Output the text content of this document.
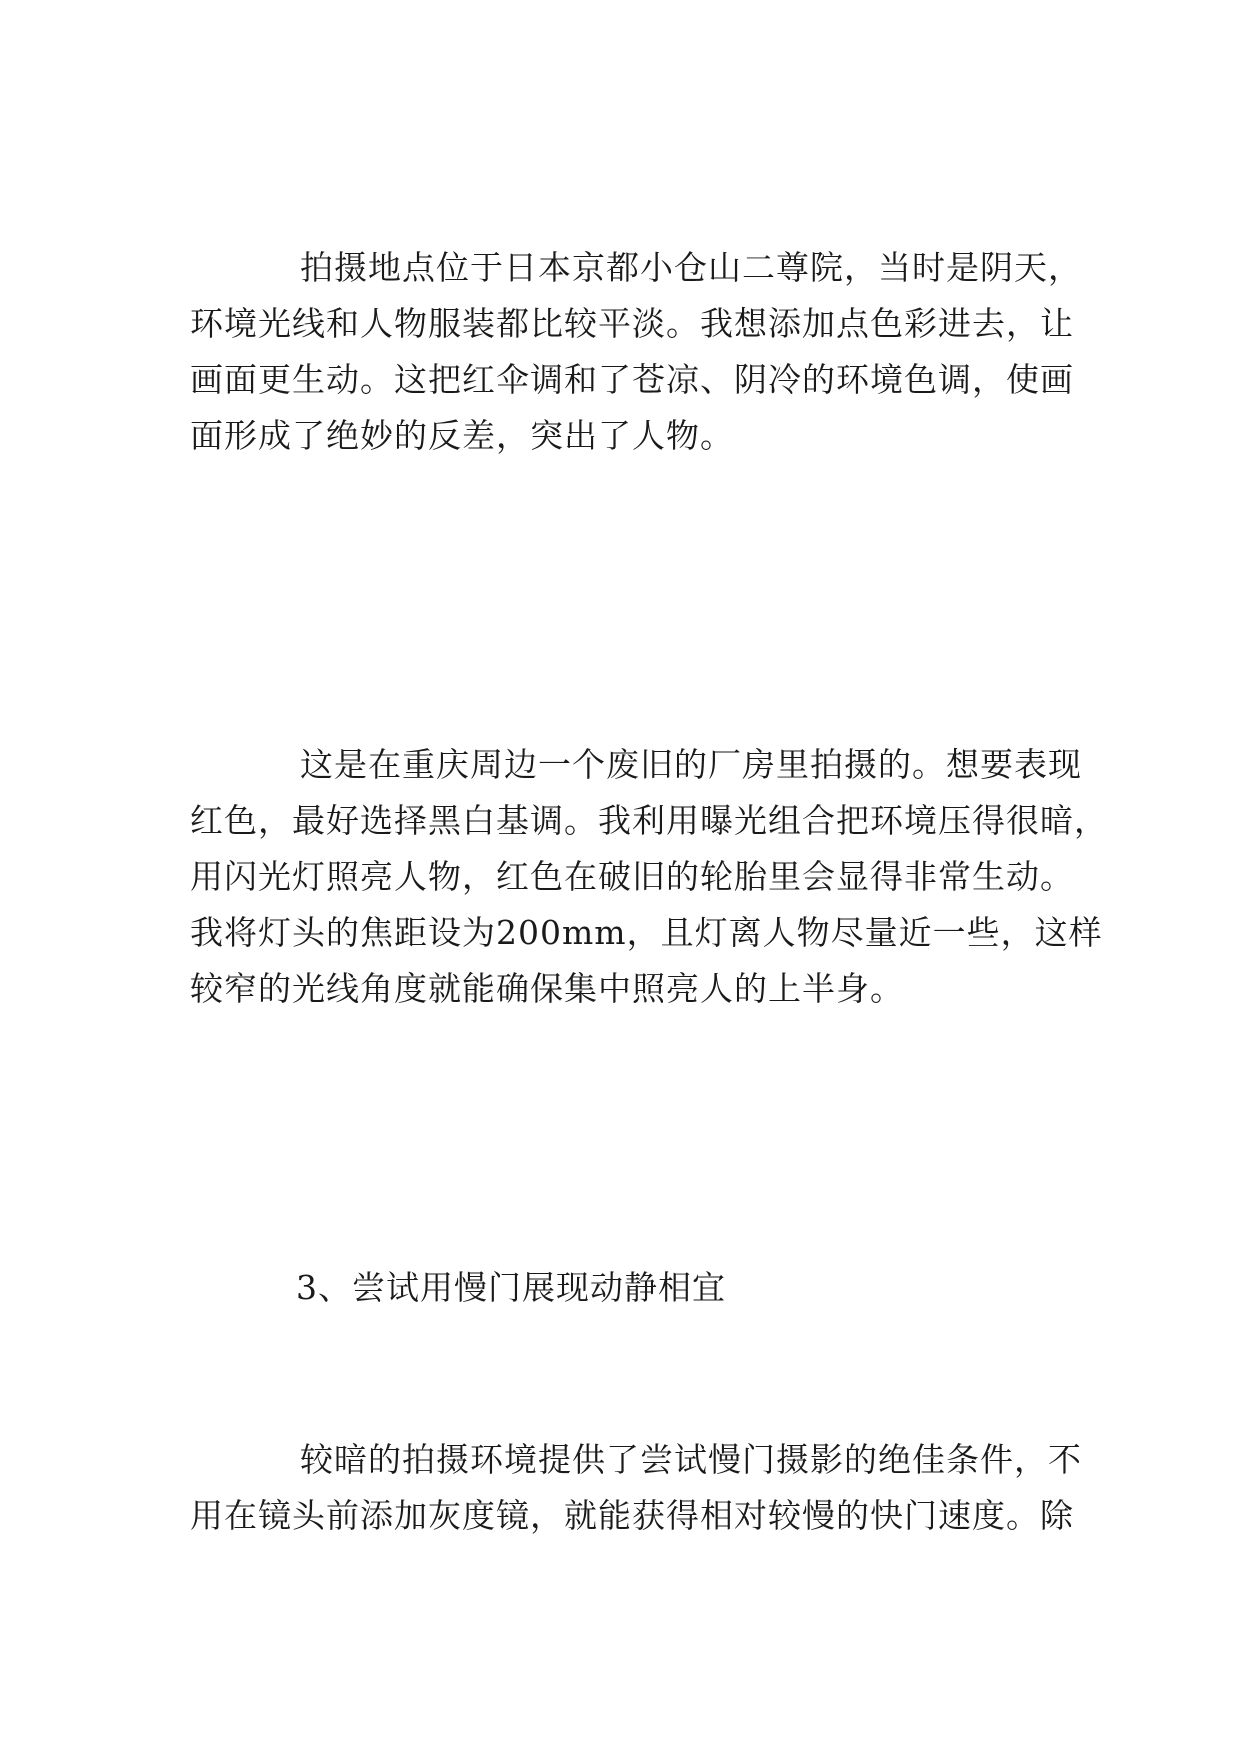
拍摄地点位于日本京都小仓山二尊院，当时是阴天，
环境光线和人物服装都比较平淡。我想添加点色彩进去，让
画面更生动。这把红伞调和了苍凉、阴冷的环境色调，使画
面形成了绝妙的反差，突出了人物。
这是在重庆周边一个废旧的厂房里拍摄的。想要表现
红色，最好选择黑白基调。我利用曝光组合把环境压得很暗，
用闪光灯照亮人物，红色在破旧的轮胎里会显得非常生动。
我将灯头的焦距设为200mm，且灯离人物尽量近一些，这样
较窄的光线角度就能确保集中照亮人的上半身。
3、尝试用慢门展现动静相宜
较暗的拍摄环境提供了尝试慢门摄影的绝佳条件，不
用在镜头前添加灰度镜，就能获得相对较慢的快门速度。除
